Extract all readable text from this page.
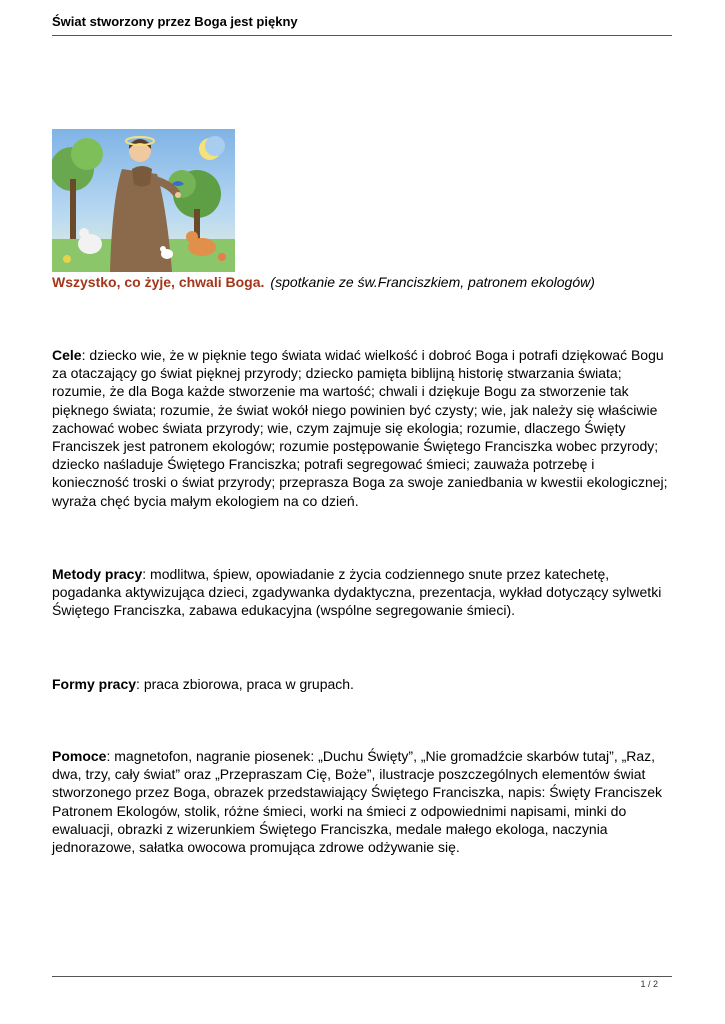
Świat stworzony przez Boga jest piękny
Wszystko, co żyje, chwali Boga. (spotkanie ze św.Franciszkiem, patronem ekologów)

Cele: dziecko wie, że w pięknie tego świata widać wielkość i dobroć Boga i potrafi dziękować Bogu za otaczający go świat pięknej przyrody; dziecko pamięta biblijną historię stwarzania świata; rozumie, że dla Boga każde stworzenie ma wartość; chwali i dziękuje Bogu za stworzenie tak pięknego świata; rozumie, że świat wokół niego powinien być czysty; wie, jak należy się właściwie zachować wobec świata przyrody; wie, czym zajmuje się ekologia; rozumie, dlaczego Święty Franciszek jest patronem ekologów; rozumie postępowanie Świętego Franciszka wobec przyrody; dziecko naśladuje Świętego Franciszka; potrafi segregować śmieci; zauważa potrzebę i konieczność troski o świat przyrody; przeprasza Boga za swoje zaniedbania w kwestii ekologicznej; wyraża chęć bycia małym ekologiem na co dzień.

Metody pracy: modlitwa, śpiew, opowiadanie z życia codziennego snute przez katechetę, pogadanka aktywizująca dzieci, zgadywanka dydaktyczna, prezentacja, wykład dotyczący sylwetki Świętego Franciszka, zabawa edukacyjna (wspólne segregowanie śmieci).

Formy pracy: praca zbiorowa, praca w grupach.

Pomoce: magnetofon, nagranie piosenek: „Duchu Święty”, „Nie gromadźcie skarbów tutaj”, „Raz, dwa, trzy, cały świat” oraz „Przepraszam Cię, Boże”, ilustracje poszczególnych elementów świat stworzonego przez Boga, obrazek przedstawiający Świętego Franciszka, napis: Święty Franciszek Patronem Ekologów, stolik, różne śmieci, worki na śmieci z odpowiednimi napisami, minki do ewaluacji, obrazki z wizerunkiem Świętego Franciszka, medale małego ekologa, naczynia jednorazowe, sałatka owocowa promująca zdrowe odżywanie się.

1 / 2
